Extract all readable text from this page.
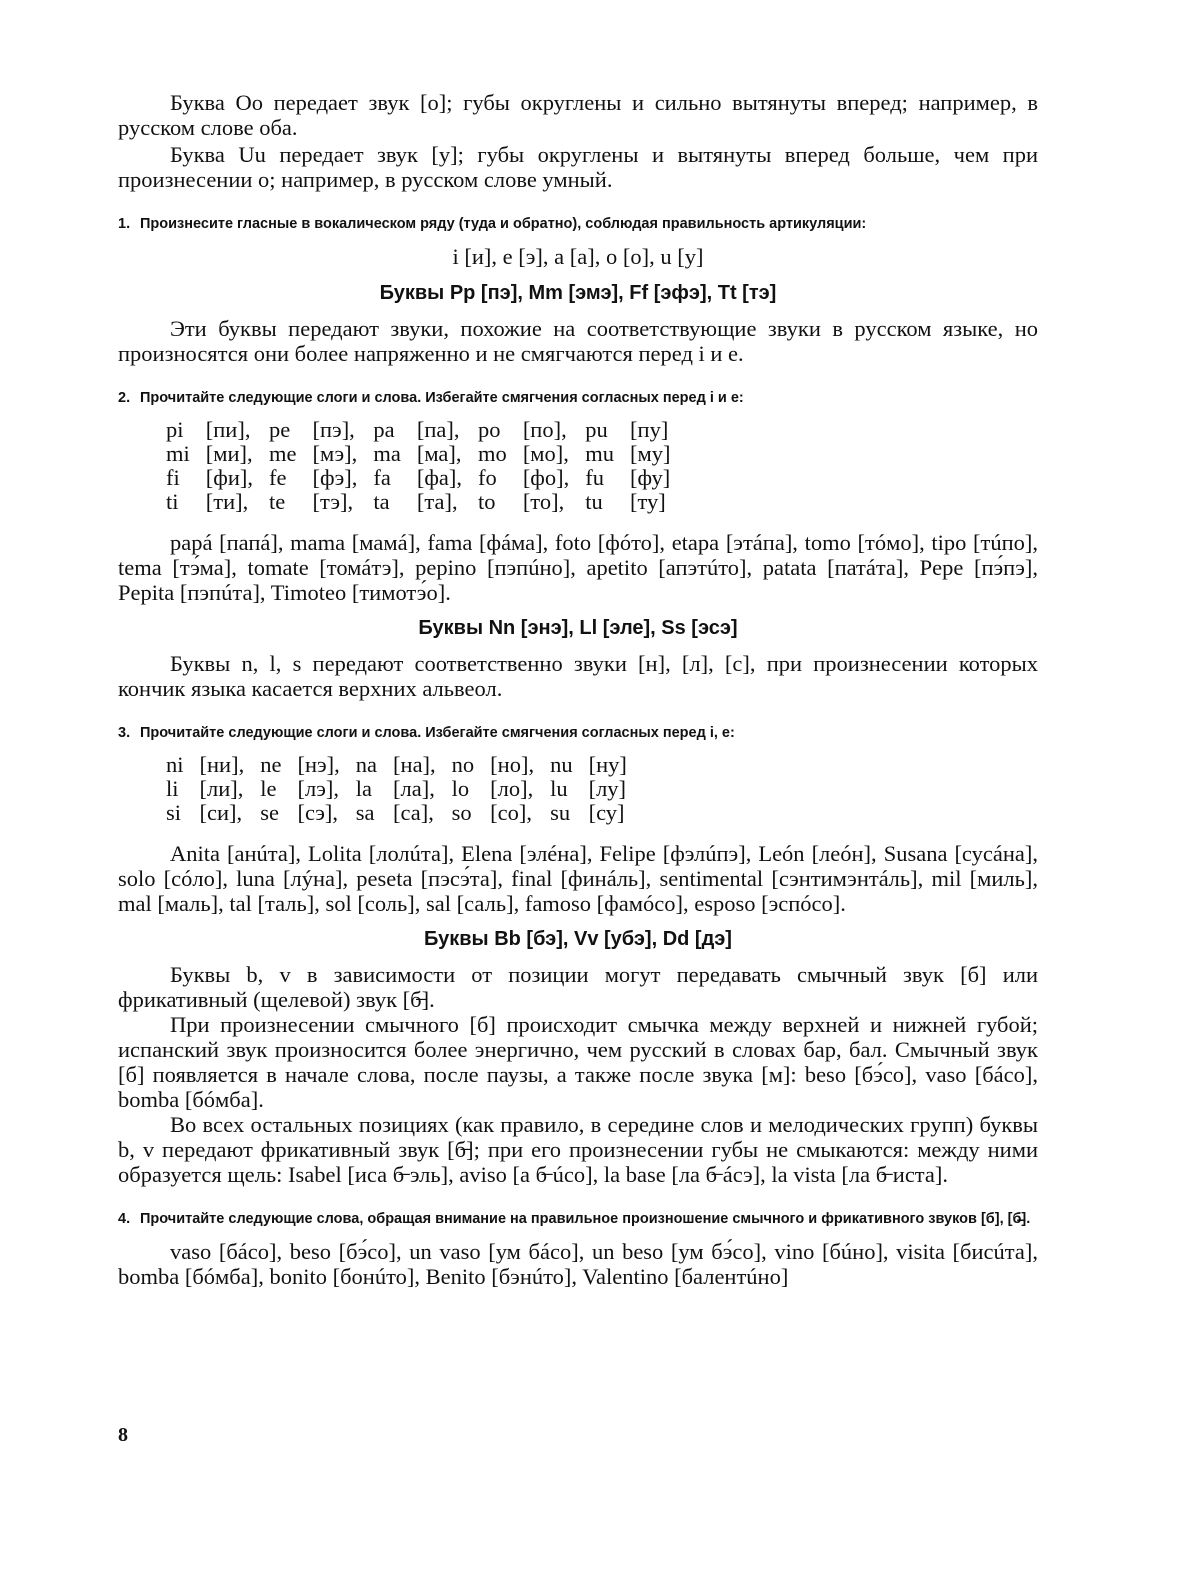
Буква Oo передает звук [о]; губы округлены и сильно вытянуты вперед; например, в русском слове оба.

Буква Uu передает звук [у]; губы округлены и вытянуты вперед больше, чем при произнесении o; например, в русском слове умный.

1. Произнесите гласные в вокалическом ряду (туда и обратно), соблюдая правильность артикуляции:

i [и], e [э], a [а], o [о], u [у]

Буквы Pp [пэ], Mm [эмэ], Ff [эфэ], Tt [тэ]

Эти буквы передают звуки, похожие на соответствующие звуки в русском языке, но произносятся они более напряженно и не смягчаются перед i и e.

2. Прочитайте следующие слоги и слова. Избегайте смягчения согласных перед i и e:
pi	[пи],	pe	[пэ],	pa	[па],	po	[по],	pu	[пу]
mi	[ми],	me	[мэ],	ma	[ма],	mo	[мо],	mu	[му]
fi	[фи],	fe	[фэ],	fa	[фа],	fo	[фо],	fu	[фу]
ti	[ти],	te	[тэ],	ta	[та],	to	[то],	tu	[ту]

papá [папá], mama [мамá], fama [фáма], foto [фóто], etapa [этáпа], tomo [тóмо], tipo [тúпо], tema [тэ́ма], tomate [томáтэ], pepino [пэпúно], apetito [апэтúто], patata [патáта], Pepe [пэ́пэ], Pepita [пэпúта], Timoteo [тимотэ́о].

Буквы Nn [энэ], Ll [эле], Ss [эсэ]

Буквы n, l, s передают соответственно звуки [н], [л], [с], при произнесении которых кончик языка касается верхних альвеол.

3. Прочитайте следующие слоги и слова. Избегайте смягчения согласных перед i, e:
ni	[ни],	ne	[нэ],	na	[на],	no	[но],	nu	[ну]
li	[ли],	le	[лэ],	la	[ла],	lo	[ло],	lu	[лу]
si	[си],	se	[сэ],	sa	[са],	so	[со],	su	[су]

Anita [анúта], Lolita [лолúта], Elena [элéна], Felipe [фэлúпэ], León [леóн], Susana [сусáна], solo [сóло], luna [лýна], peseta [пэсэ́та], final [финáль], sentimental [сэнтимэнтáль], mil [миль], mal [маль], tal [таль], sol [соль], sal [саль], famoso [фамóсо], esposo [эспóсо].

Буквы Bb [бэ], Vv [убэ], Dd [дэ]

Буквы b, v в зависимости от позиции могут передавать смычный звук [б] или фрикативный (щелевой) звук [б̶].

При произнесении смычного [б] происходит смычка между верхней и нижней губой; испанский звук произносится более энергично, чем русский в словах бар, бал. Смычный звук [б] появляется в начале слова, после паузы, а также после звука [м]: beso [бэ́со], vaso [бáсо], bomba [бóмба].

Во всех остальных позициях (как правило, в середине слов и мелодических групп) буквы b, v передают фрикативный звук [б̶]; при его произнесении губы не смыкаются: между ними образуется щель: Isabel [иса б̶ эль], aviso [а б̶ úсо], la base [ла б̶ áсэ], la vista [ла б̶ иста].

4. Прочитайте следующие слова, обращая внимание на правильное произношение смычного и фрикативного звуков [б], [б̶].

vaso [бáсо], beso [бэ́со], un vaso [ум бáсо], un beso [ум бэ́со], vino [бúно], visita [бисúта], bomba [бóмба], bonito [бонúто], Benito [бэнúто], Valentino [балентúно]

8
